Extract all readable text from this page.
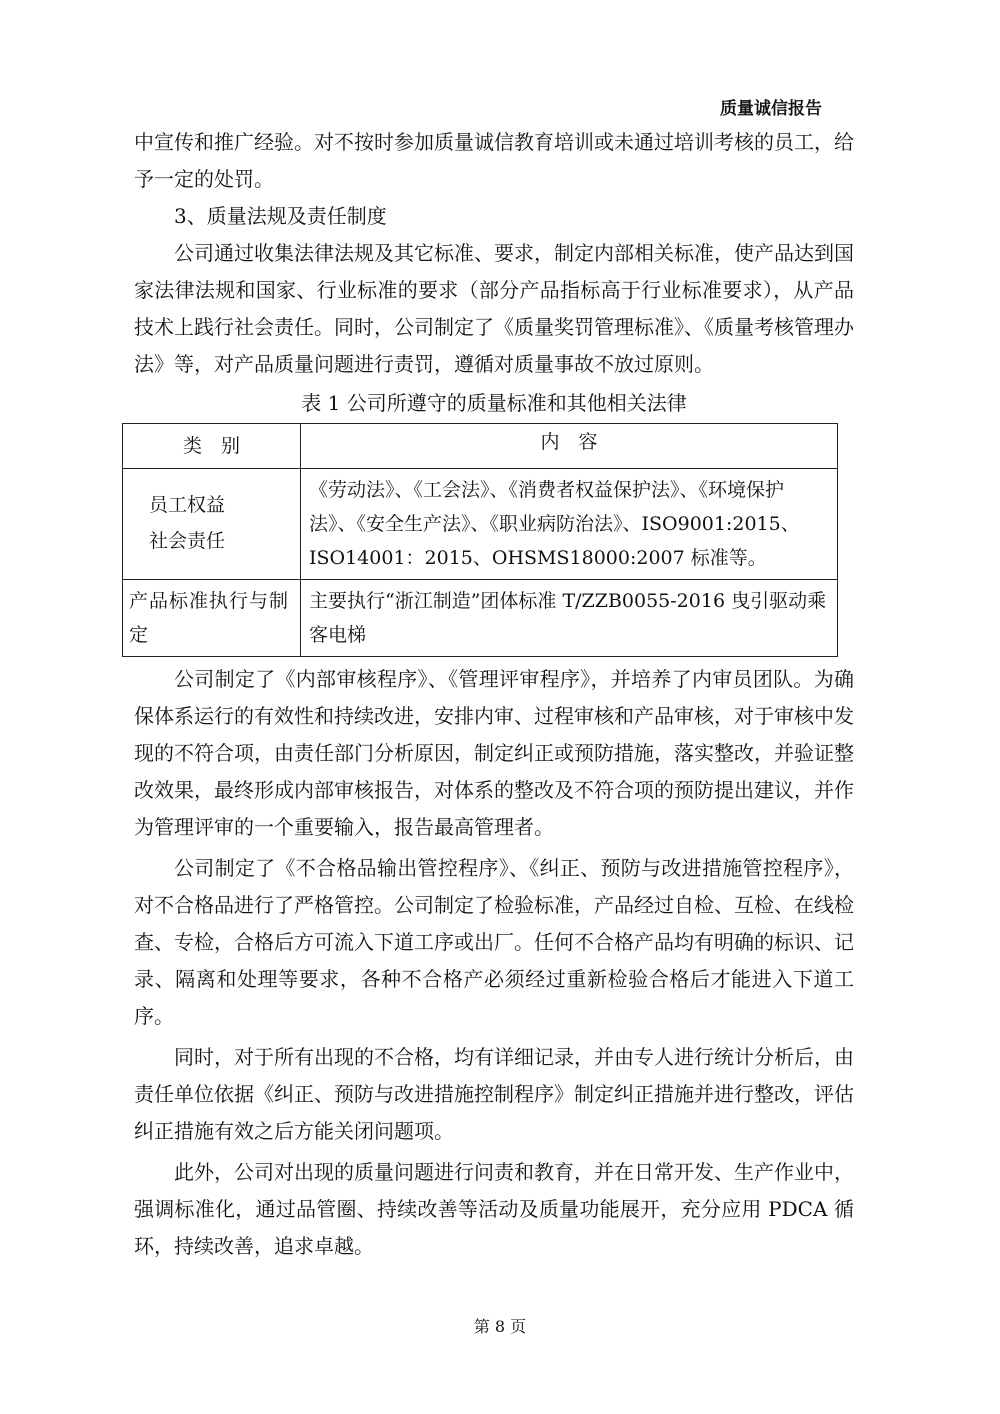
质量诚信报告

中宣传和推广经验。对不按时参加质量诚信教育培训或未通过培训考核的员工，给予一定的处罚。

3、质量法规及责任制度

公司通过收集法律法规及其它标准、要求，制定内部相关标准，使产品达到国家法律法规和国家、行业标准的要求（部分产品指标高于行业标准要求），从产品技术上践行社会责任。同时，公司制定了《质量奖罚管理标准》、《质量考核管理办法》等，对产品质量问题进行责罚，遵循对质量事故不放过原则。

表 1 公司所遵守的质量标准和其他相关法律
类　别	内　容

员工权益
社会责任	《劳动法》、《工会法》、《消费者权益保护法》、《环境保护法》、《安全生产法》、《职业病防治法》、ISO9001:2015、ISO14001：2015、OHSMS18000:2007 标准等。
产品标准执行与制定	主要执行“浙江制造”团体标准 T/ZZB0055-2016 曳引驱动乘客电梯

公司制定了《内部审核程序》、《管理评审程序》，并培养了内审员团队。为确保体系运行的有效性和持续改进，安排内审、过程审核和产品审核，对于审核中发现的不符合项，由责任部门分析原因，制定纠正或预防措施，落实整改，并验证整改效果，最终形成内部审核报告，对体系的整改及不符合项的预防提出建议，并作为管理评审的一个重要输入，报告最高管理者。

公司制定了《不合格品输出管控程序》、《纠正、预防与改进措施管控程序》，对不合格品进行了严格管控。公司制定了检验标准，产品经过自检、互检、在线检查、专检，合格后方可流入下道工序或出厂。任何不合格产品均有明确的标识、记录、隔离和处理等要求，各种不合格产必须经过重新检验合格后才能进入下道工序。

同时，对于所有出现的不合格，均有详细记录，并由专人进行统计分析后，由责任单位依据《纠正、预防与改进措施控制程序》制定纠正措施并进行整改，评估纠正措施有效之后方能关闭问题项。

此外，公司对出现的质量问题进行问责和教育，并在日常开发、生产作业中，强调标准化，通过品管圈、持续改善等活动及质量功能展开，充分应用 PDCA 循环，持续改善，追求卓越。

第 8 页
